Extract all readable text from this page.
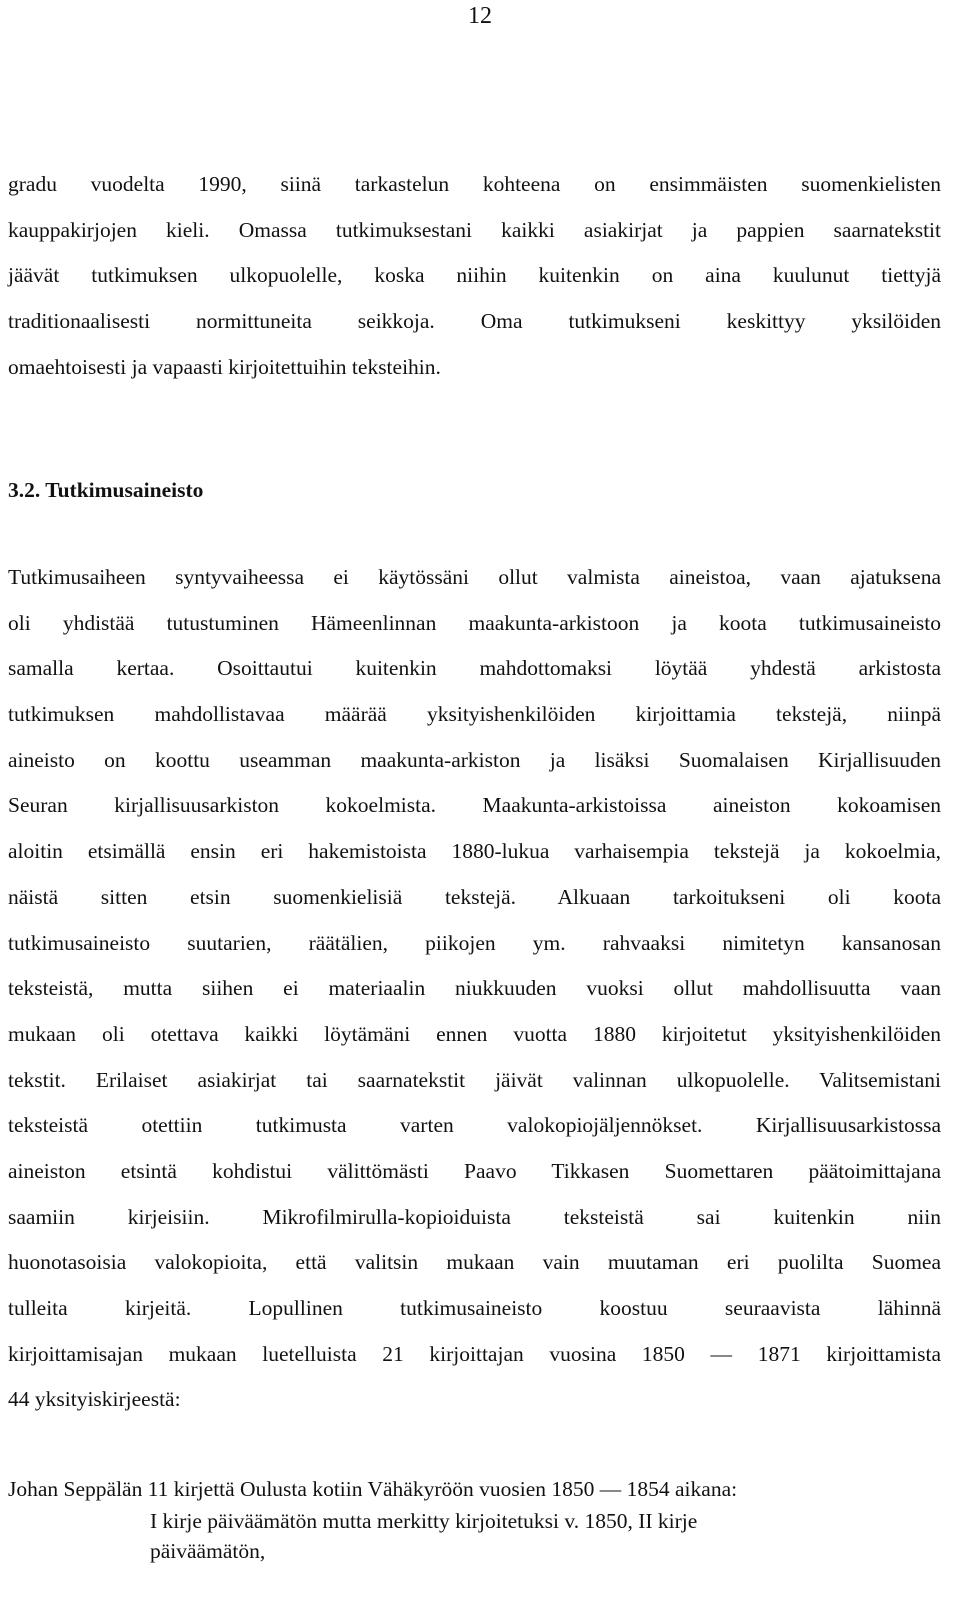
12
gradu vuodelta 1990, siinä tarkastelun kohteena on ensimmäisten suomenkielisten
kauppakirjojen kieli. Omassa tutkimuksestani kaikki asiakirjat ja pappien saarnatekstit
jäävät tutkimuksen ulkopuolelle, koska niihin kuitenkin on aina kuulunut tiettyjä
traditionaalisesti normittuneita seikkoja. Oma tutkimukseni keskittyy yksilöiden
omaehtoisesti ja vapaasti kirjoitettuihin teksteihin.
3.2. Tutkimusaineisto
Tutkimusaiheen syntyvaiheessa ei käytössäni ollut valmista aineistoa, vaan ajatuksena
oli yhdistää tutustuminen Hämeenlinnan maakunta-arkistoon ja koota tutkimusaineisto
samalla kertaa. Osoittautui kuitenkin mahdottomaksi löytää yhdestä arkistosta
tutkimuksen mahdollistavaa määrää yksityishenkilöiden kirjoittamia tekstejä, niinpä
aineisto on koottu useamman maakunta-arkiston ja lisäksi Suomalaisen Kirjallisuuden
Seuran kirjallisuusarkiston kokoelmista. Maakunta-arkistoissa aineiston kokoamisen
aloitin etsimällä ensin eri hakemistoista 1880-lukua varhaisempia tekstejä ja kokoelmia,
näistä sitten etsin suomenkielisiä tekstejä. Alkuaan tarkoitukseni oli koota
tutkimusaineisto suutarien, räätälien, piikojen ym. rahvaaksi nimitetyn kansanosan
teksteistä, mutta siihen ei materiaalin niukkuuden vuoksi ollut mahdollisuutta vaan
mukaan oli otettava kaikki löytämäni ennen vuotta 1880 kirjoitetut yksityishenkilöiden
tekstit. Erilaiset asiakirjat tai saarnatekstit jäivät valinnan ulkopuolelle. Valitsemistani
teksteistä otettiin tutkimusta varten valokopiojäljennökset. Kirjallisuusarkistossa
aineiston etsintä kohdistui välittömästi Paavo Tikkasen Suomettaren päätoimittajana
saamiin kirjeisiin. Mikrofilmirulla-kopioiduista teksteistä sai kuitenkin niin
huonotasoisia valokopioita, että valitsin mukaan vain muutaman eri puolilta Suomea
tulleita kirjeitä. Lopullinen tutkimusaineisto koostuu seuraavista lähinnä
kirjoittamisajan mukaan luetelluista 21 kirjoittajan vuosina 1850 — 1871 kirjoittamista
44 yksityiskirjeestä:
Johan Seppälän 11 kirjettä Oulusta kotiin Vähäkyröön vuosien 1850 — 1854 aikana:
I kirje päiväämätön mutta merkitty kirjoitetuksi v. 1850, II kirje
päiväämätön,
